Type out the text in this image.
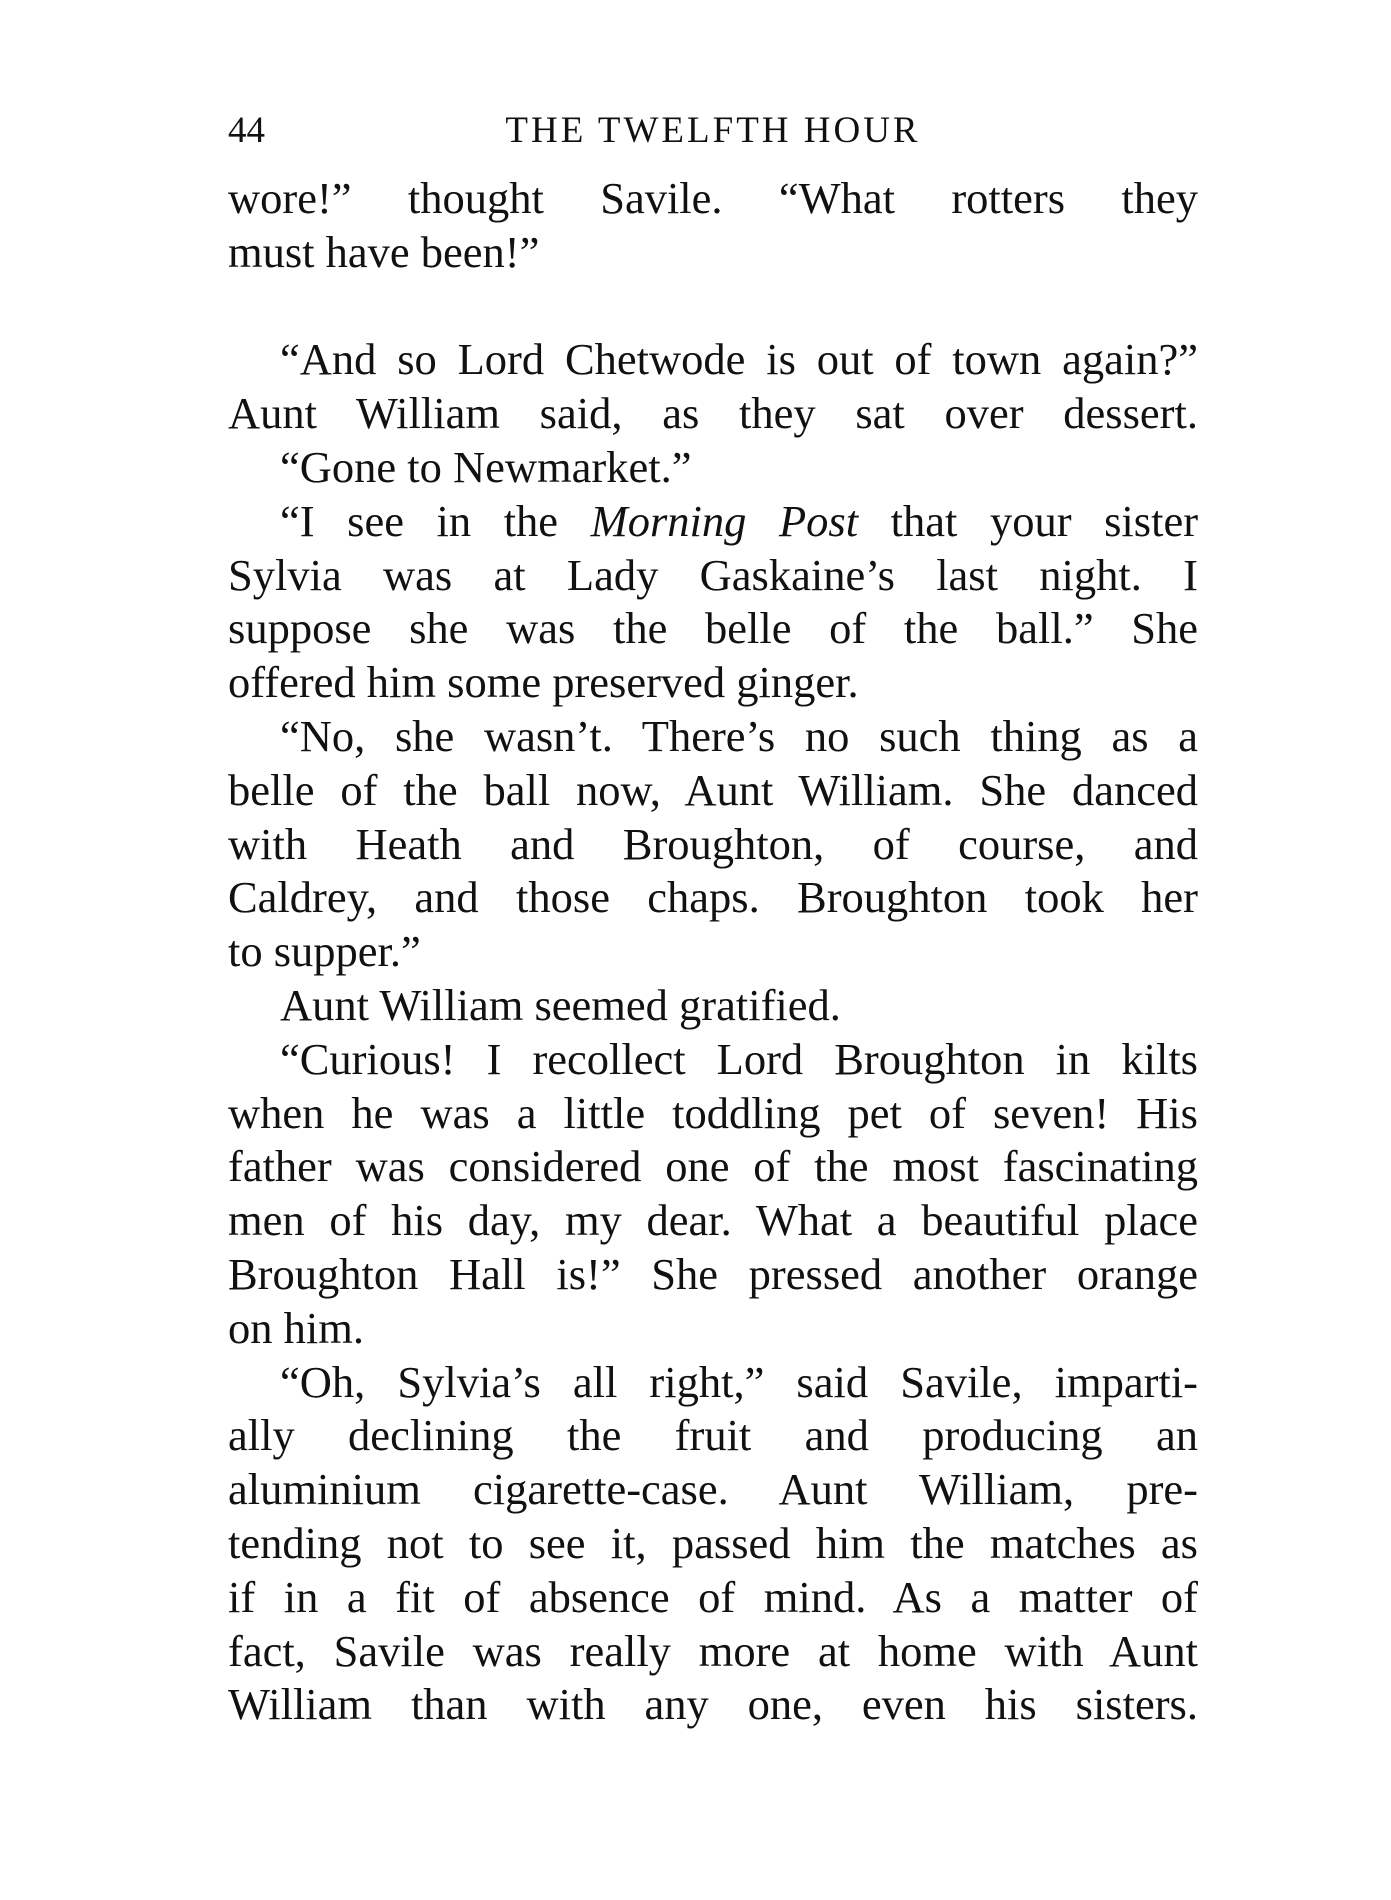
44	THE TWELFTH HOUR
wore!” thought Savile. “What rotters they
must have been!”
“And so Lord Chetwode is out of town again?”
Aunt William said, as they sat over dessert.
“Gone to Newmarket.”
“I see in the Morning Post that your sister
Sylvia was at Lady Gaskaine’s last night. I
suppose she was the belle of the ball.” She
offered him some preserved ginger.
“No, she wasn’t. There’s no such thing as a
belle of the ball now, Aunt William. She danced
with Heath and Broughton, of course, and
Caldrey, and those chaps. Broughton took her
to supper.”
Aunt William seemed gratified.
“Curious! I recollect Lord Broughton in kilts
when he was a little toddling pet of seven! His
father was considered one of the most fascinating
men of his day, my dear. What a beautiful place
Broughton Hall is!” She pressed another orange
on him.
“Oh, Sylvia’s all right,” said Savile, imparti-
ally declining the fruit and producing an
aluminium cigarette-case. Aunt William, pre-
tending not to see it, passed him the matches as
if in a fit of absence of mind. As a matter of
fact, Savile was really more at home with Aunt
William than with any one, even his sisters.
